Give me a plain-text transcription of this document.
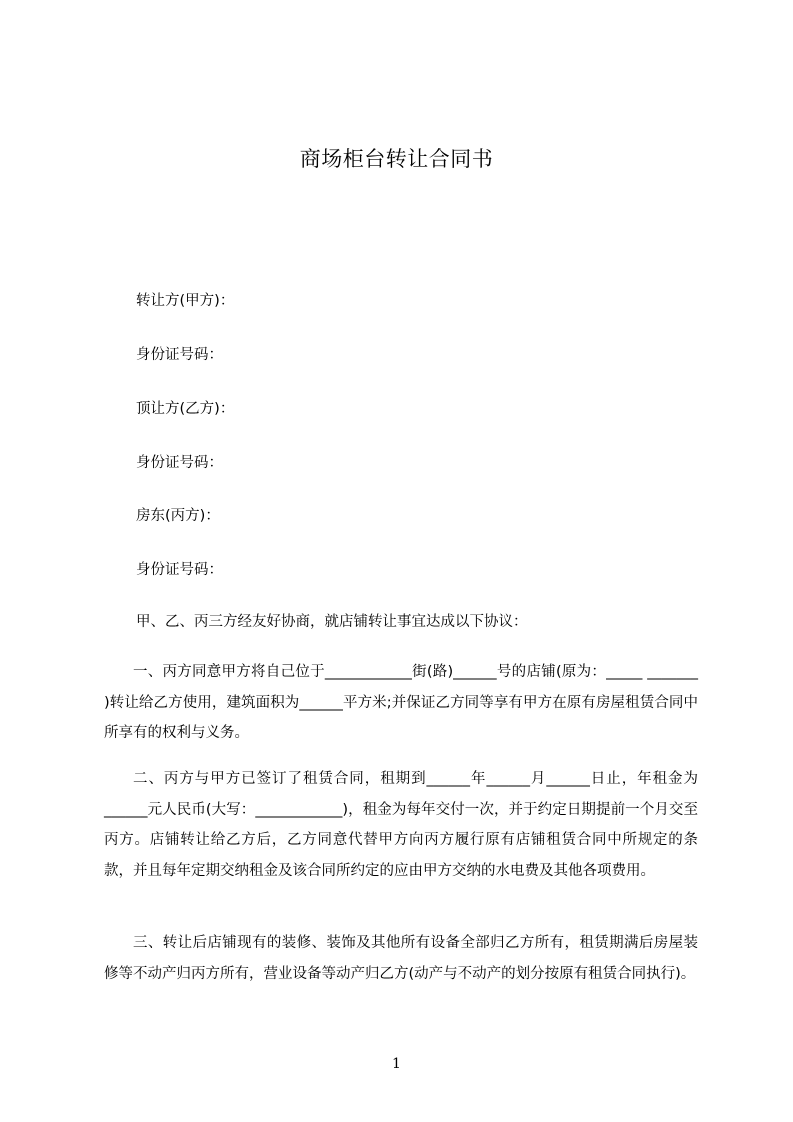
商场柜台转让合同书
转让方(甲方)：
身份证号码：
顶让方(乙方)：
身份证号码：
房东(丙方)：
身份证号码：
甲、乙、丙三方经友好协商，就店铺转让事宜达成以下协议：
一、丙方同意甲方将自己位于____________街(路)______号的店铺(原为：_____ _______ )转让给乙方使用，建筑面积为______平方米;并保证乙方同等享有甲方在原有房屋租赁合同中所享有的权利与义务。
二、丙方与甲方已签订了租赁合同，租期到______年______月______日止，年租金为______元人民币(大写：____________)，租金为每年交付一次，并于约定日期提前一个月交至丙方。店铺转让给乙方后，乙方同意代替甲方向丙方履行原有店铺租赁合同中所规定的条款，并且每年定期交纳租金及该合同所约定的应由甲方交纳的水电费及其他各项费用。
三、转让后店铺现有的装修、装饰及其他所有设备全部归乙方所有，租赁期满后房屋装修等不动产归丙方所有，营业设备等动产归乙方(动产与不动产的划分按原有租赁合同执行)。
1
